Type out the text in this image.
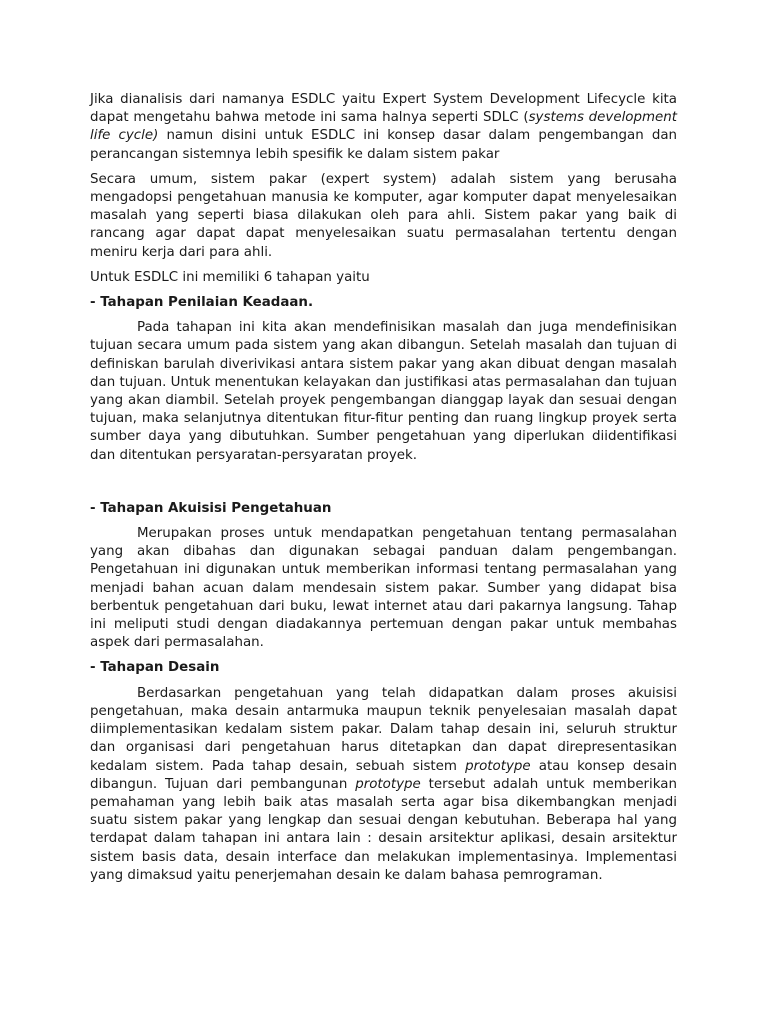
Jika dianalisis dari namanya ESDLC yaitu Expert System Development Lifecycle kita dapat mengetahu bahwa metode ini sama halnya seperti SDLC (systems development life cycle) namun disini untuk ESDLC ini konsep dasar dalam pengembangan dan perancangan sistemnya lebih spesifik ke dalam sistem pakar

Secara umum, sistem pakar (expert system) adalah sistem yang berusaha mengadopsi pengetahuan manusia ke komputer, agar komputer dapat menyelesaikan masalah yang seperti biasa dilakukan oleh para ahli. Sistem pakar yang baik di rancang agar dapat dapat menyelesaikan suatu permasalahan tertentu dengan meniru kerja dari para ahli.

Untuk ESDLC ini memiliki 6 tahapan yaitu

- Tahapan Penilaian Keadaan.

Pada tahapan ini kita akan mendefinisikan masalah dan juga mendefinisikan tujuan secara umum pada sistem yang akan dibangun. Setelah masalah dan tujuan di definiskan barulah diverivikasi antara sistem pakar yang akan dibuat dengan masalah dan tujuan. Untuk menentukan kelayakan dan justifikasi atas permasalahan dan tujuan yang akan diambil. Setelah proyek pengembangan dianggap layak dan sesuai dengan tujuan, maka selanjutnya ditentukan fitur-fitur penting dan ruang lingkup proyek serta sumber daya yang dibutuhkan. Sumber pengetahuan yang diperlukan diidentifikasi dan ditentukan persyaratan-persyaratan proyek.

- Tahapan Akuisisi Pengetahuan

Merupakan proses untuk mendapatkan pengetahuan tentang permasalahan yang akan dibahas dan digunakan sebagai panduan dalam pengembangan. Pengetahuan ini digunakan untuk memberikan informasi tentang permasalahan yang menjadi bahan acuan dalam mendesain sistem pakar. Sumber yang didapat bisa berbentuk pengetahuan dari buku, lewat internet atau dari pakarnya langsung. Tahap ini meliputi studi dengan diadakannya pertemuan dengan pakar untuk membahas aspek dari permasalahan.

- Tahapan Desain

Berdasarkan pengetahuan yang telah didapatkan dalam proses akuisisi pengetahuan, maka desain antarmuka maupun teknik penyelesaian masalah dapat diimplementasikan kedalam sistem pakar. Dalam tahap desain ini, seluruh struktur dan organisasi dari pengetahuan harus ditetapkan dan dapat direpresentasikan kedalam sistem. Pada tahap desain, sebuah sistem prototype atau konsep desain dibangun. Tujuan dari pembangunan prototype tersebut adalah untuk memberikan pemahaman yang lebih baik atas masalah serta agar bisa dikembangkan menjadi suatu sistem pakar yang lengkap dan sesuai dengan kebutuhan. Beberapa hal yang terdapat dalam tahapan ini antara lain : desain arsitektur aplikasi, desain arsitektur sistem basis data, desain interface dan melakukan implementasinya. Implementasi yang dimaksud yaitu penerjemahan desain ke dalam bahasa pemrograman.
